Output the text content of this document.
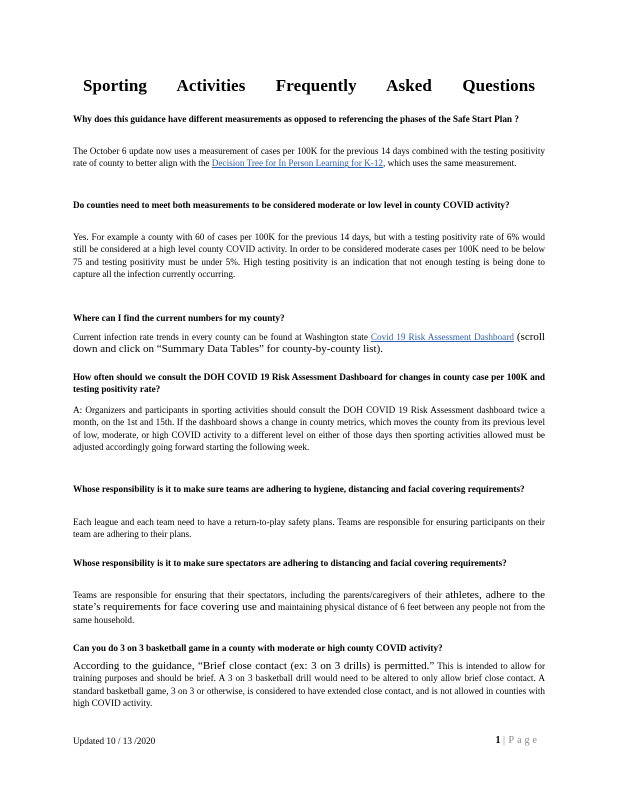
Sporting Activities Frequently Asked Questions
Why does this guidance have different measurements as opposed to referencing the phases of the Safe Start Plan ?
The October 6 update now uses a measurement of cases per 100K for the previous 14 days combined with the testing positivity rate of county to better align with the Decision Tree for In Person Learning for K-12, which uses the same measurement.
Do counties need to meet both measurements to be considered moderate or low level in county COVID activity?
Yes. For example a county with 60 of cases per 100K for the previous 14 days, but with a testing positivity rate of 6% would still be considered at a high level county COVID activity. In order to be considered moderate cases per 100K need to be below 75 and testing positivity must be under 5%. High testing positivity is an indication that not enough testing is being done to capture all the infection currently occurring.
Where can I find the current numbers for my county?
Current infection rate trends in every county can be found at Washington state Covid 19 Risk Assessment Dashboard (scroll down and click on “Summary Data Tables” for county-by-county list).
How often should we consult the DOH COVID 19 Risk Assessment Dashboard for changes in county case per 100K and testing positivity rate?
A: Organizers and participants in sporting activities should consult the DOH COVID 19 Risk Assessment dashboard twice a month, on the 1st and 15th. If the dashboard shows a change in county metrics, which moves the county from its previous level of low, moderate, or high COVID activity to a different level on either of those days then sporting activities allowed must be adjusted accordingly going forward starting the following week.
Whose responsibility is it to make sure teams are adhering to hygiene, distancing and facial covering requirements?
Each league and each team need to have a return-to-play safety plans. Teams are responsible for ensuring participants on their team are adhering to their plans.
Whose responsibility is it to make sure spectators are adhering to distancing and facial covering requirements?
Teams are responsible for ensuring that their spectators, including the parents/caregivers of their athletes, adhere to the state’s requirements for face covering use and maintaining physical distance of 6 feet between any people not from the same household.
Can you do 3 on 3 basketball game in a county with moderate or high county COVID activity?
According to the guidance, “Brief close contact (ex: 3 on 3 drills) is permitted.” This is intended to allow for training purposes and should be brief. A 3 on 3 basketball drill would need to be altered to only allow brief close contact. A standard basketball game, 3 on 3 or otherwise, is considered to have extended close contact, and is not allowed in counties with high COVID activity.
Updated 10 / 13 /2020	1 | Page
